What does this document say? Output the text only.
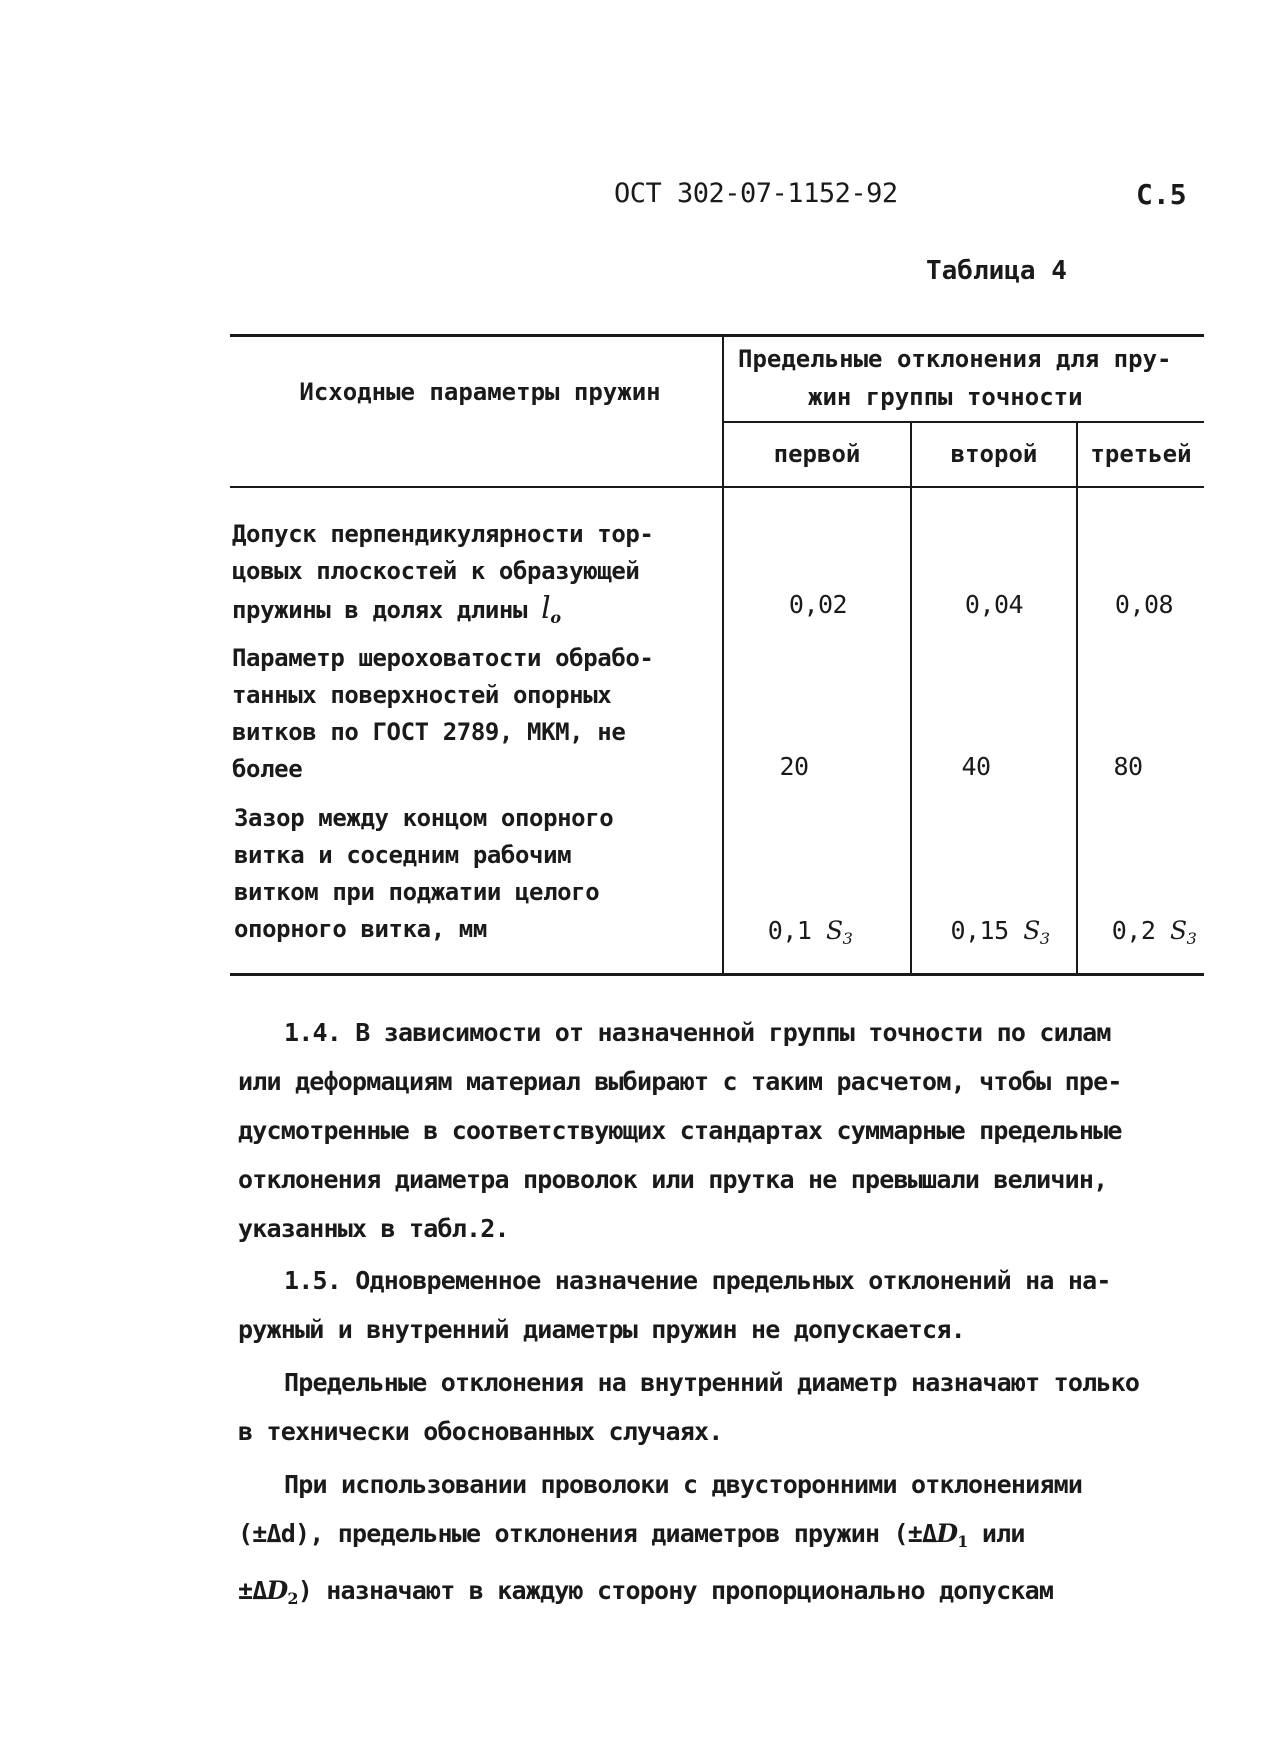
ОСТ 302-07-1152-92	С.5
Таблица 4
Исходные параметры пружин
Предельные отклонения для пру-
жин группы точности
первой	второй	третьей
Допуск перпендикулярности тор-
цовых плоскостей к образующей
пружины в долях длины $l_o$	0,02	0,04	0,08
Параметр шероховатости обрабо-
танных поверхностей опорных
витков по ГОСТ 2789, МКМ, не
более	20	40	80
Зазор между концом опорного
витка и соседним рабочим
витком при поджатии целого
опорного витка, мм	0,1 $S_3$	0,15 $S_3$	0,2 $S_3$
1.4. В зависимости от назначенной группы точности по силам
или деформациям материал выбирают с таким расчетом, чтобы пре-
дусмотренные в соответствующих стандартах суммарные предельные
отклонения диаметра проволок или прутка не превышали величин,
указанных в табл.2.
1.5. Одновременное назначение предельных отклонений на на-
ружный и внутренний диаметры пружин не допускается.
Предельные отклонения на внутренний диаметр назначают только
в технически обоснованных случаях.
При использовании проволоки с двусторонними отклонениями
(±Δd), предельные отклонения диаметров пружин ($\pm\Delta D_1$ или
$\pm\Delta D_2$) назначают в каждую сторону пропорционально допускам
